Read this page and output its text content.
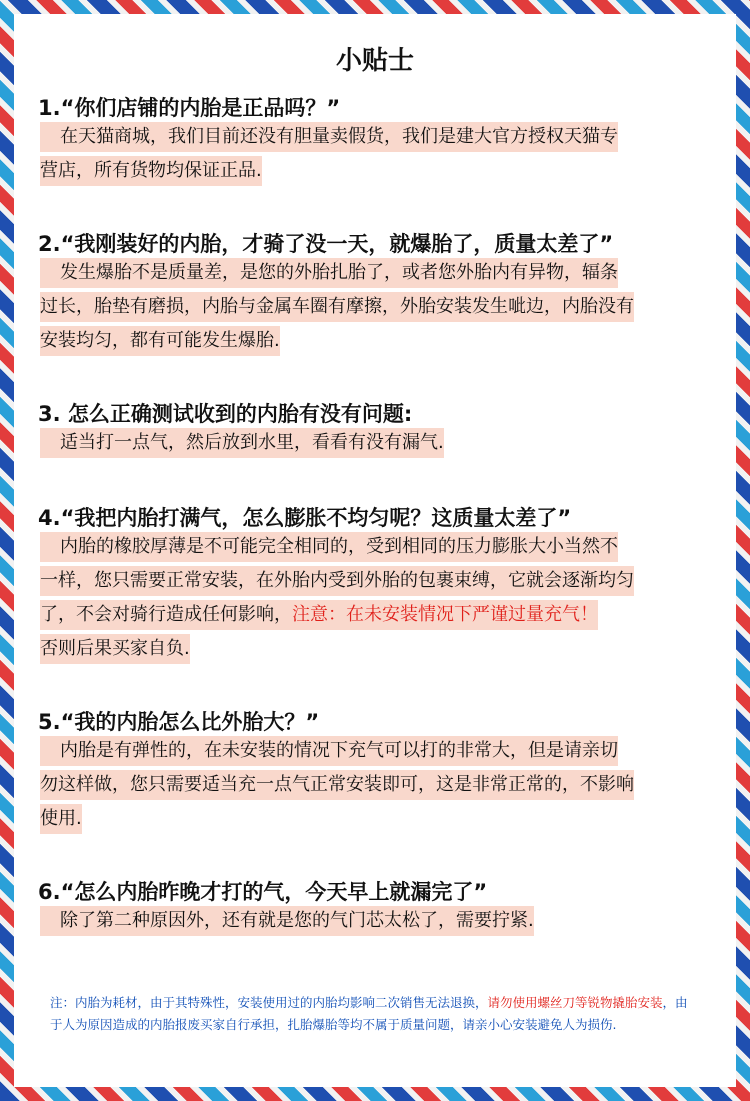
小贴士
1.“你们店铺的内胎是正品吗？”
在天猫商城，我们目前还没有胆量卖假货，我们是建大官方授权天猫专
营店，所有货物均保证正品.
2.“我刚装好的内胎，才骑了没一天，就爆胎了，质量太差了”
发生爆胎不是质量差，是您的外胎扎胎了，或者您外胎内有异物，辐条
过长，胎垫有磨损，内胎与金属车圈有摩擦，外胎安装发生呲边，内胎没有
安装均匀，都有可能发生爆胎.
3. 怎么正确测试收到的内胎有没有问题:
适当打一点气，然后放到水里，看看有没有漏气.
4.“我把内胎打满气，怎么膨胀不均匀呢？这质量太差了”
内胎的橡胶厚薄是不可能完全相同的，受到相同的压力膨胀大小当然不
一样，您只需要正常安装，在外胎内受到外胎的包裹束缚，它就会逐渐均匀
了，不会对骑行造成任何影响，注意：在未安装情况下严谨过量充气！
否则后果买家自负.
5.“我的内胎怎么比外胎大？”
内胎是有弹性的，在未安装的情况下充气可以打的非常大，但是请亲切
勿这样做，您只需要适当充一点气正常安装即可，这是非常正常的，不影响
使用.
6.“怎么内胎昨晚才打的气，今天早上就漏完了”
除了第二种原因外，还有就是您的气门芯太松了，需要拧紧.
注：内胎为耗材，由于其特殊性，安装使用过的内胎均影响二次销售无法退换，请勿使用螺丝刀等锐物撬胎安装，由于人为原因造成的内胎报废买家自行承担，扎胎爆胎等均不属于质量问题，请亲小心安装避免人为损伤.
